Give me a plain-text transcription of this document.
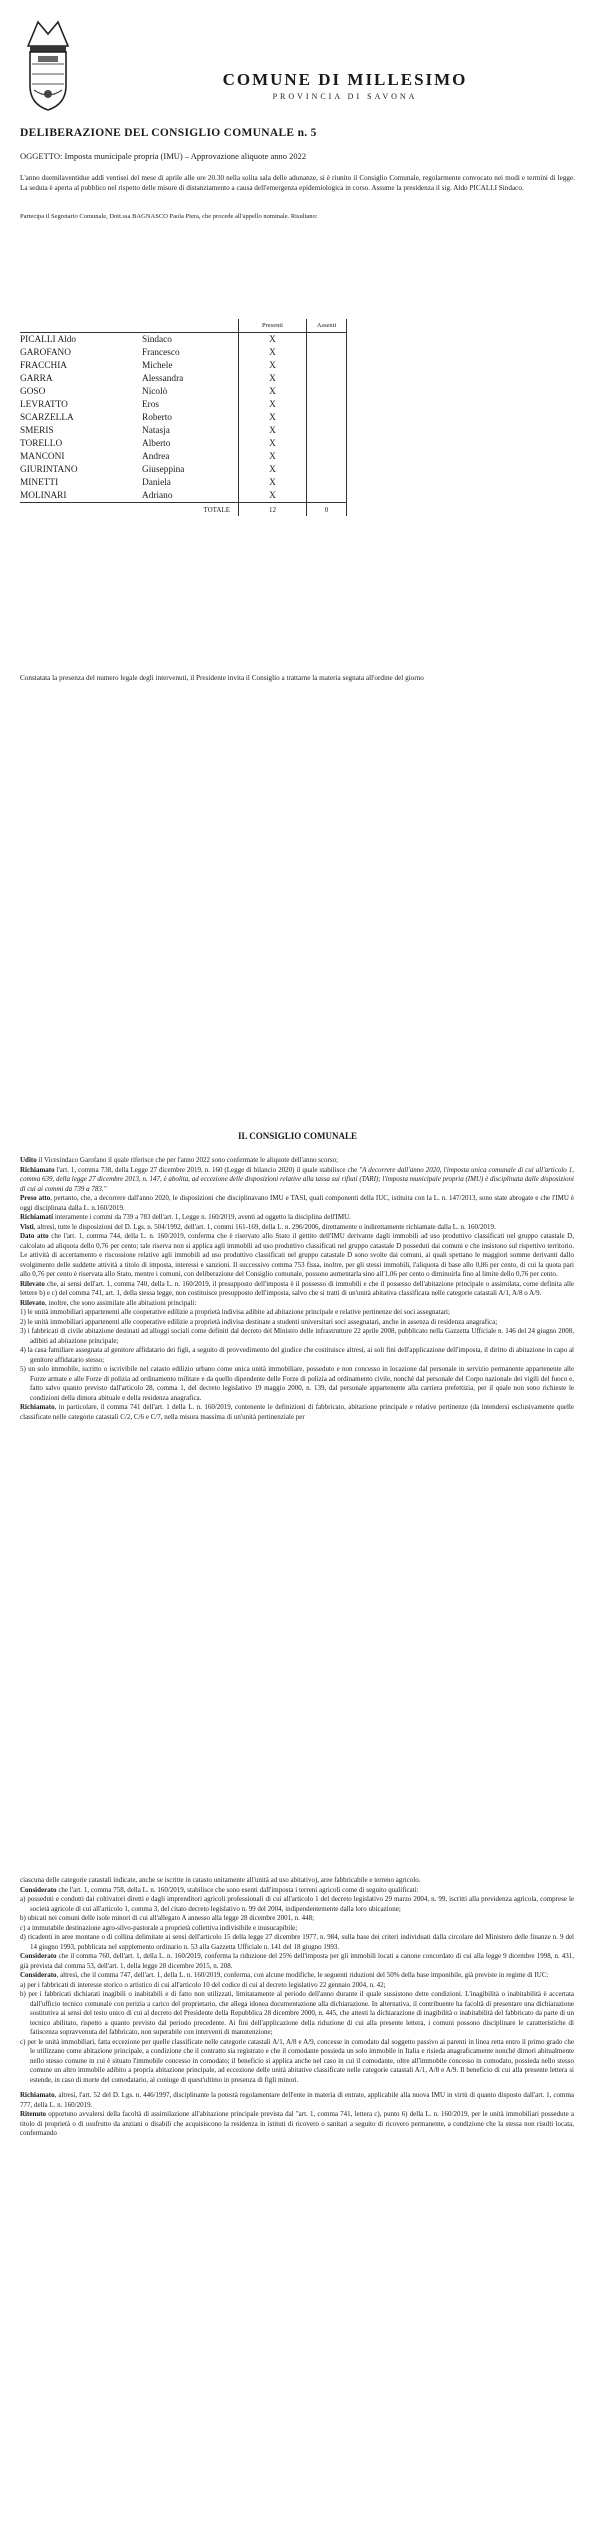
COMUNE DI MILLESIMO
PROVINCIA DI SAVONA
DELIBERAZIONE DEL CONSIGLIO COMUNALE n. 5
OGGETTO: Imposta municipale propria (IMU) – Approvazione aliquote anno 2022
L'anno duemilaventidue addì ventisei del mese di aprile alle ore 20.30 nella solita sala delle adunanze, si è riunito il Consiglio Comunale, regolarmente convocato nei modi e termini di legge. La seduta è aperta al pubblico nel rispetto delle misure di distanziamento a causa dell'emergenza epidemiologica in corso. Assume la presidenza il sig. Aldo PICALLI Sindaco.
Partecipa il Segretario Comunale, Dott.ssa BAGNASCO Paola Piera, che procede all'appello nominale. Risultano:
		Presenti	Assenti
PICALLI Aldo	Sindaco	X	
GAROFANO	Francesco	X	
FRACCHIA	Michele	X	
GARRA	Alessandra	X	
GOSO	Nicolò	X	
LEVRATTO	Eros	X	
SCARZELLA	Roberto	X	
SMERIS	Natasja	X	
TORELLO	Alberto	X	
MANCONI	Andrea	X	
GIURINTANO	Giuseppina	X	
MINETTI	Daniela	X	
MOLINARI	Adriano	X	
	TOTALE	12	0
Constatata la presenza del numero legale degli intervenuti, il Presidente invita il Consiglio a trattarne la materia segnata all'ordine del giorno
IL CONSIGLIO COMUNALE

Udito il Vicesindaco Garofano il quale riferisce che per l'anno 2022 sono confermate le aliquote dell'anno scorso;

Richiamato l'art. 1, comma 738, della Legge 27 dicembre 2019, n. 160 (Legge di bilancio 2020) il quale stabilisce che "A decorrere dall'anno 2020, l'imposta unica comunale di cui all'articolo 1, comma 639, della legge 27 dicembre 2013, n. 147, è abolita, ad eccezione delle disposizioni relative alla tassa sui rifiuti (TARI); l'imposta municipale propria (IMU) è disciplinata dalle disposizioni di cui ai commi da 739 a 783."

Preso atto, pertanto, che, a decorrere dall'anno 2020, le disposizioni che disciplinavano IMU e TASI, quali componenti della IUC, istituita con la L. n. 147/2013, sono state abrogate e che l'IMU è oggi disciplinata dalla L. n.160/2019.

Richiamati interamente i commi da 739 a 783 dell'art. 1, Legge n. 160/2019, aventi ad oggetto la disciplina dell'IMU.

Visti, altresì, tutte le disposizioni del D. Lgs. n. 504/1992, dell'art. 1, commi 161-169, della L. n. 296/2006, direttamente o indirettamente richiamate dalla L. n. 160/2019.

Dato atto che l'art. 1, comma 744, della L. n. 160/2019, conferma che è riservato allo Stato il gettito dell'IMU derivante dagli immobili ad uso produttivo classificati nel gruppo catastale D, calcolato ad aliquota dello 0,76 per cento; tale riserva non si applica agli immobili ad uso produttivo classificati nel gruppo catastale D posseduti dai comuni e che insistono sul rispettivo territorio. Le attività di accertamento e riscossione relative agli immobili ad uso produttivo classificati nel gruppo catastale D sono svolte dai comuni, ai quali spettano le maggiori somme derivanti dallo svolgimento delle suddette attività a titolo di imposta, interessi e sanzioni. Il successivo comma 753 fissa, inoltre, per gli stessi immobili, l'aliquota di base allo 0,86 per cento, di cui la quota pari allo 0,76 per cento è riservata allo Stato, mentre i comuni, con deliberazione del Consiglio comunale, possono aumentarla sino all'1,06 per cento o diminuirla fino al limite dello 0,76 per cento.

Rilevato che, ai sensi dell'art. 1, comma 740, della L. n. 160/2019, il presupposto dell'imposta è il possesso di immobili e che il possesso dell'abitazione principale o assimilata, come definita alle lettere b) e c) del comma 741, art. 1, della stessa legge, non costituisce presupposto dell'imposta, salvo che si tratti di un'unità abitativa classificata nelle categorie catastali A/1, A/8 o A/9.

Rilevato, inoltre, che sono assimilate alle abitazioni principali:

1) le unità immobiliari appartenenti alle cooperative edilizie a proprietà indivisa adibite ad abitazione principale e relative pertinenze dei soci assegnatari;

2) le unità immobiliari appartenenti alle cooperative edilizie a proprietà indivisa destinate a studenti universitari soci assegnatari, anche in assenza di residenza anagrafica;

3) i fabbricati di civile abitazione destinati ad alloggi sociali come definiti dal decreto del Ministro delle infrastrutture 22 aprile 2008, pubblicato nella Gazzetta Ufficiale n. 146 del 24 giugno 2008, adibiti ad abitazione principale;

4) la casa familiare assegnata al genitore affidatario dei figli, a seguito di provvedimento del giudice che costituisce altresì, ai soli fini dell'applicazione dell'imposta, il diritto di abitazione in capo al genitore affidatario stesso;

5) un solo immobile, iscritto o iscrivibile nel catasto edilizio urbano come unica unità immobiliare, posseduto e non concesso in locazione dal personale in servizio permanente appartenente alle Forze armate e alle Forze di polizia ad ordinamento militare e da quello dipendente delle Forze di polizia ad ordinamento civile, nonché dal personale del Corpo nazionale dei vigili del fuoco e, fatto salvo quanto previsto dall'articolo 28, comma 1, del decreto legislativo 19 maggio 2000, n. 139, dal personale appartenente alla carriera prefettizia, per il quale non sono richieste le condizioni della dimora abituale e della residenza anagrafica.

Richiamato, in particolare, il comma 741 dell'art. 1 della L. n. 160/2019, contenente le definizioni di fabbricato, abitazione principale e relative pertinenze (da intendersi esclusivamente quelle classificate nelle categorie catastali C/2, C/6 e C/7, nella misura massima di un'unità pertinenziale per

ciascuna delle categorie catastali indicate, anche se iscritte in catasto unitamente all'unità ad uso abitativo), aree fabbricabile e terreno agricolo.

Considerato che l'art. 1, comma 758, della L. n. 160/2019, stabilisce che sono esenti dall'imposta i terreni agricoli come di seguito qualificati:

a) posseduti e condotti dai coltivatori diretti e dagli imprenditori agricoli professionali di cui all'articolo 1 del decreto legislativo 29 marzo 2004, n. 99, iscritti alla previdenza agricola, comprese le società agricole di cui all'articolo 1, comma 3, del citato decreto legislativo n. 99 del 2004, indipendentemente dalla loro ubicazione;

b) ubicati nei comuni delle isole minori di cui all'allegato A annesso alla legge 28 dicembre 2001, n. 448;

c) a immutabile destinazione agro-silvo-pastorale a proprietà collettiva indivisibile e inusucapibile;

d) ricadenti in aree montane o di collina delimitate ai sensi dell'articolo 15 della legge 27 dicembre 1977, n. 984, sulla base dei criteri individuati dalla circolare del Ministero delle finanze n. 9 del 14 giugno 1993, pubblicata nel supplemento ordinario n. 53 alla Gazzetta Ufficiale n. 141 del 18 giugno 1993.

Considerato che il comma 760, dell'art. 1, della L. n. 160/2019, conferma la riduzione del 25% dell'imposta per gli immobili locati a canone concordato di cui alla legge 9 dicembre 1998, n. 431, già prevista dal comma 53, dell'art. 1, della legge 28 dicembre 2015, n. 208.

Considerato, altresì, che il comma 747, dell'art. 1, della L. n. 160/2019, conferma, con alcune modifiche, le seguenti riduzioni del 50% della base imponibile, già previste in regime di IUC:

a) per i fabbricati di interesse storico o artistico di cui all'articolo 10 del codice di cui al decreto legislativo 22 gennaio 2004, n. 42;

b) per i fabbricati dichiarati inagibili o inabitabili e di fatto non utilizzati, limitatamente al periodo dell'anno durante il quale sussistono dette condizioni. L'inagibilità o inabitabilità è accertata dall'ufficio tecnico comunale con perizia a carico del proprietario, che allega idonea documentazione alla dichiarazione. In alternativa, il contribuente ha facoltà di presentare una dichiarazione sostitutiva ai sensi del testo unico di cui al decreto del Presidente della Repubblica 28 dicembre 2000, n. 445, che attesti la dichiarazione di inagibilità o inabitabilità del fabbricato da parte di un tecnico abilitato, rispetto a quanto previsto dal periodo precedente. Ai fini dell'applicazione della riduzione di cui alla presente lettera, i comuni possono disciplinare le caratteristiche di fatiscenza sopravvenuta del fabbricato, non superabile con interventi di manutenzione;

c) per le unità immobiliari, fatta eccezione per quelle classificate nelle categorie catastali A/1, A/8 e A/9, concesse in comodato dal soggetto passivo ai parenti in linea retta entro il primo grado che le utilizzano come abitazione principale, a condizione che il contratto sia registrato e che il comodante possieda un solo immobile in Italia e risieda anagraficamente nonché dimori abitualmente nello stesso comune in cui è situato l'immobile concesso in comodato; il beneficio si applica anche nel caso in cui il comodante, oltre all'immobile concesso in comodato, possieda nello stesso comune un altro immobile adibito a propria abitazione principale, ad eccezione delle unità abitative classificate nelle categorie catastali A/1, A/8 e A/9. Il beneficio di cui alla presente lettera si estende, in caso di morte del comodatario, al coniuge di quest'ultimo in presenza di figli minori.

Richiamato, altresì, l'art. 52 del D. Lgs. n. 446/1997, disciplinante la potestà regolamentare dell'ente in materia di entrate, applicabile alla nuova IMU in virtù di quanto disposto dall'art. 1, comma 777, della L. n. 160/2019.

Ritenuto opportuno avvalersi della facoltà di assimilazione all'abitazione principale prevista dal "art. 1, comma 741, lettera c), punto 6) della L. n. 160/2019, per le unità immobiliari possedute a titolo di proprietà o di usufrutto da anziani o disabili che acquisiscono la residenza in istituti di ricovero o sanitari a seguito di ricovero permanente, a condizione che la stessa non risulti locata, confermando
